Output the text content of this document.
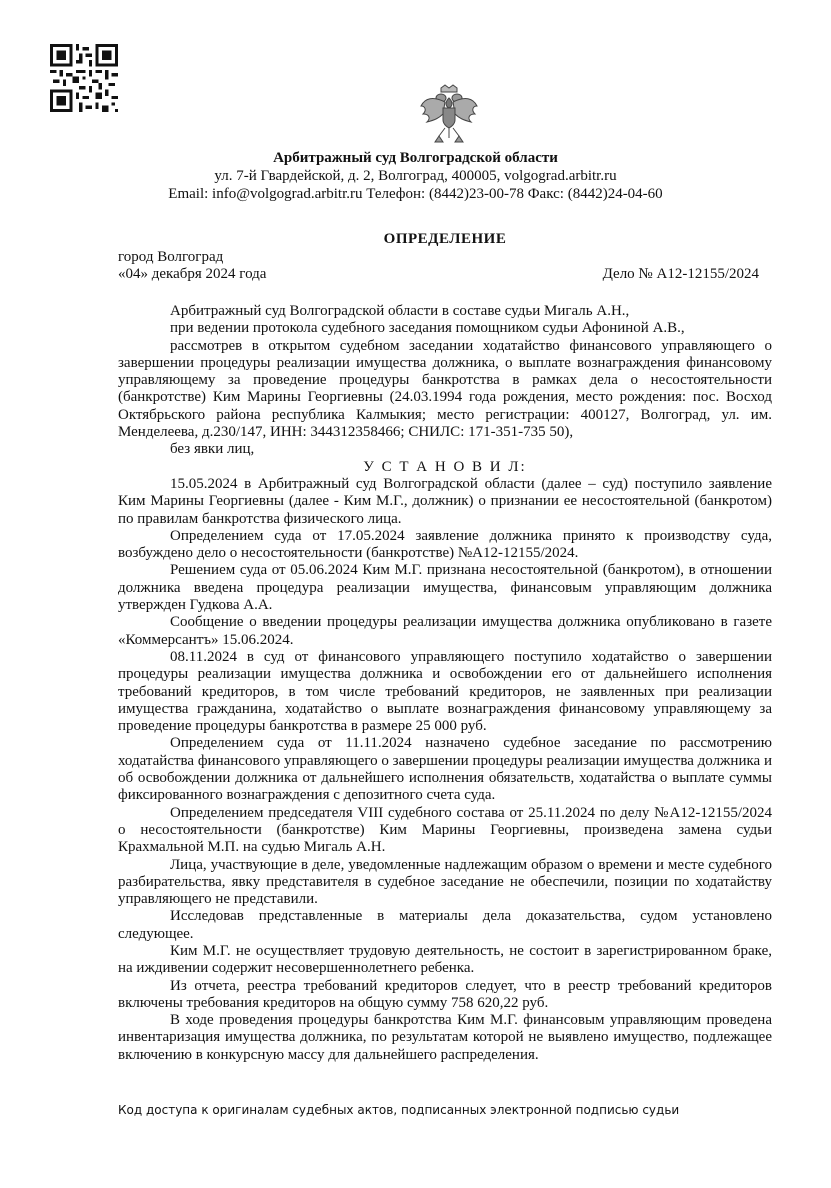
Арбитражный суд Волгоградской области
ул. 7-й Гвардейской, д. 2, Волгоград, 400005, volgograd.arbitr.ru
Email: info@volgograd.arbitr.ru Телефон: (8442)23-00-78 Факс: (8442)24-04-60
ОПРЕДЕЛЕНИЕ
город Волгоград
«04» декабря 2024 года	Дело № А12-12155/2024

Арбитражный суд Волгоградской области в составе судьи Мигаль А.Н.,

при ведении протокола судебного заседания помощником судьи Афониной А.В.,

рассмотрев в открытом судебном заседании ходатайство финансового управляющего о завершении процедуры реализации имущества должника, о выплате вознаграждения финансовому управляющему за проведение процедуры банкротства в рамках дела о несостоятельности (банкротстве) Ким Марины Георгиевны (24.03.1994 года рождения, место рождения: пос. Восход Октябрьского района республика Калмыкия; место регистрации: 400127, Волгоград, ул. им. Менделеева, д.230/147, ИНН: 344312358466; СНИЛС: 171-351-735 50),

без явки лиц,

У С Т А Н О В И Л:

15.05.2024 в Арбитражный суд Волгоградской области (далее – суд) поступило заявление Ким Марины Георгиевны (далее - Ким М.Г., должник) о признании ее несостоятельной (банкротом) по правилам банкротства физического лица.

Определением суда от 17.05.2024 заявление должника принято к производству суда, возбуждено дело о несостоятельности (банкротстве) №А12-12155/2024.

Решением суда от 05.06.2024 Ким М.Г. признана несостоятельной (банкротом), в отношении должника введена процедура реализации имущества, финансовым управляющим должника утвержден Гудкова А.А.

Сообщение о введении процедуры реализации имущества должника опубликовано в газете «Коммерсантъ» 15.06.2024.

08.11.2024 в суд от финансового управляющего поступило ходатайство о завершении процедуры реализации имущества должника и освобождении его от дальнейшего исполнения требований кредиторов, в том числе требований кредиторов, не заявленных при реализации имущества гражданина, ходатайство о выплате вознаграждения финансовому управляющему за проведение процедуры банкротства в размере 25 000 руб.

Определением суда от 11.11.2024 назначено судебное заседание по рассмотрению ходатайства финансового управляющего о завершении процедуры реализации имущества должника и об освобождении должника от дальнейшего исполнения обязательств, ходатайства о выплате суммы фиксированного вознаграждения с депозитного счета суда.

Определением председателя VIII судебного состава от 25.11.2024 по делу №А12-12155/2024 о несостоятельности (банкротстве) Ким Марины Георгиевны, произведена замена судьи Крахмальной М.П. на судью Мигаль А.Н.

Лица, участвующие в деле, уведомленные надлежащим образом о времени и месте судебного разбирательства, явку представителя в судебное заседание не обеспечили, позиции по ходатайству управляющего не представили.

Исследовав представленные в материалы дела доказательства, судом установлено следующее.

Ким М.Г. не осуществляет трудовую деятельность, не состоит в зарегистрированном браке, на иждивении содержит несовершеннолетнего ребенка.

Из отчета, реестра требований кредиторов следует, что в реестр требований кредиторов включены требования кредиторов на общую сумму 758 620,22 руб.

В ходе проведения процедуры банкротства Ким М.Г. финансовым управляющим проведена инвентаризация имущества должника, по результатам которой не выявлено имущество, подлежащее включению в конкурсную массу для дальнейшего распределения.

Код доступа к оригиналам судебных актов, подписанных электронной подписью судьи
